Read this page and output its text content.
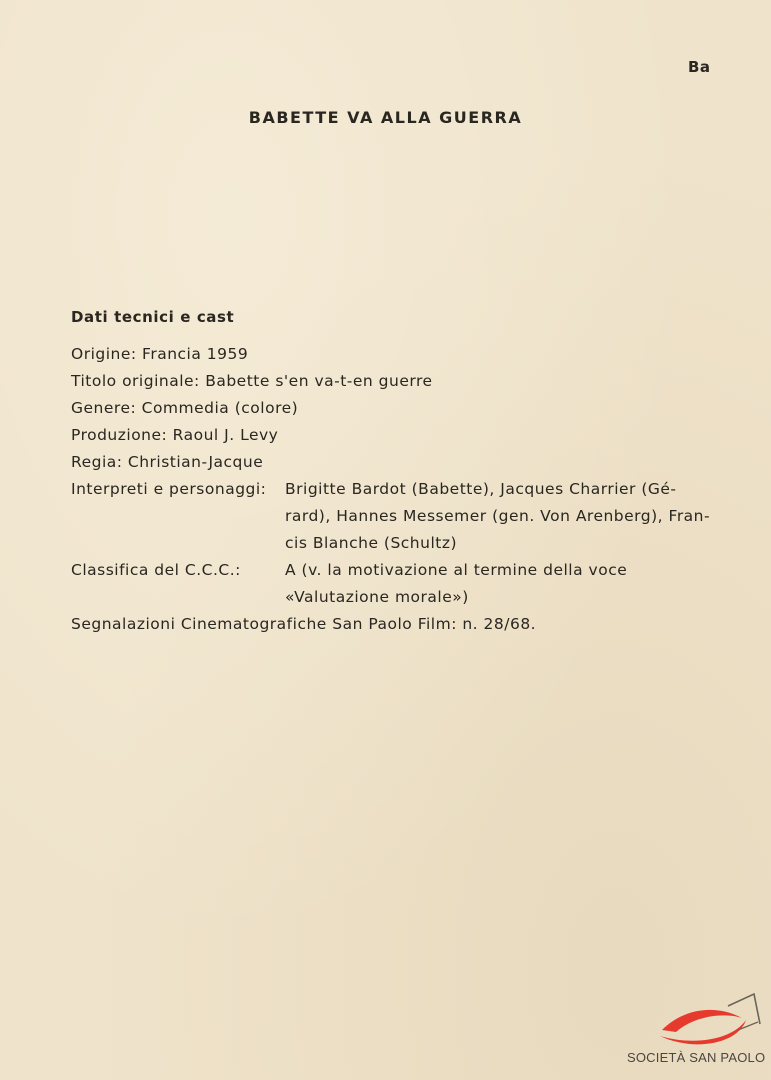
Ba
BABETTE VA ALLA GUERRA
Dati tecnici e cast
Origine: Francia 1959
Titolo originale: Babette s'en va-t-en guerre
Genere: Commedia (colore)
Produzione: Raoul J. Levy
Regia: Christian-Jacque
Interpreti e personaggi:	Brigitte Bardot (Babette), Jacques Charrier (Gé-
rard), Hannes Messemer (gen. Von Arenberg), Fran-
cis Blanche (Schultz)
Classifica del C.C.C.:	A (v. la motivazione al termine della voce
«Valutazione morale»)
Segnalazioni Cinematografiche San Paolo Film: n. 28/68.
SOCIETÀ SAN PAOLO
